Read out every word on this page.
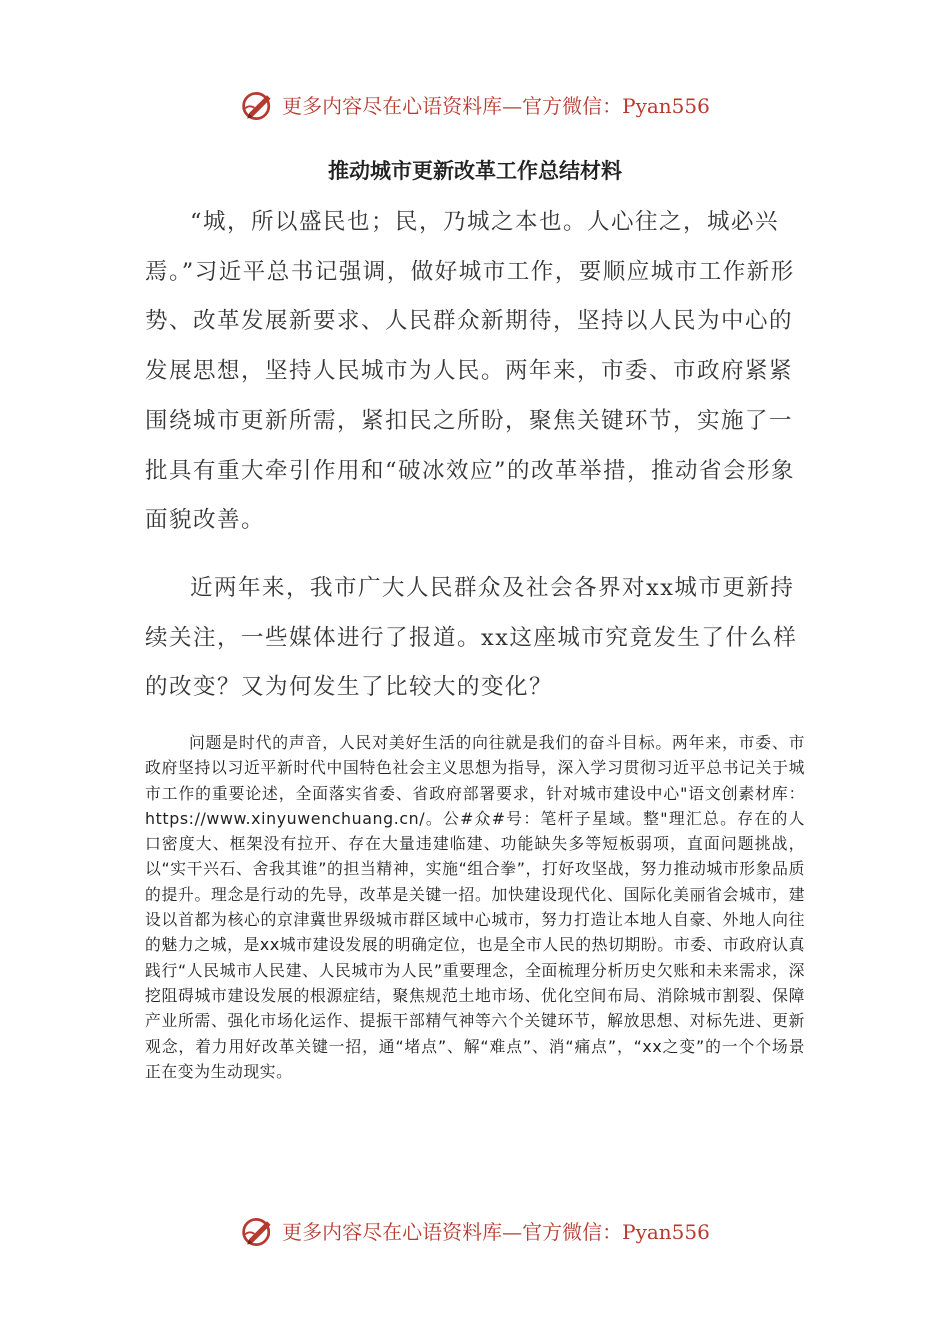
更多内容尽在心语资料库—官方微信：Pyan556
推动城市更新改革工作总结材料
“城，所以盛民也；民，乃城之本也。人心往之，城必兴焉。”习近平总书记强调，做好城市工作，要顺应城市工作新形势、改革发展新要求、人民群众新期待，坚持以人民为中心的发展思想，坚持人民城市为人民。两年来，市委、市政府紧紧围绕城市更新所需，紧扣民之所盼，聚焦关键环节，实施了一批具有重大牵引作用和“破冰效应”的改革举措，推动省会形象面貌改善。
近两年来，我市广大人民群众及社会各界对xx城市更新持续关注，一些媒体进行了报道。xx这座城市究竟发生了什么样的改变？又为何发生了比较大的变化？
问题是时代的声音，人民对美好生活的向往就是我们的奋斗目标。两年来，市委、市政府坚持以习近平新时代中国特色社会主义思想为指导，深入学习贯彻习近平总书记关于城市工作的重要论述，全面落实省委、省政府部署要求，针对城市建设中心"语文创素材库：https://www.xinyuwenchuang.cn/。公#众#号：笔杆子星域。整"理汇总。存在的人口密度大、框架没有拉开、存在大量违建临建、功能缺失多等短板弱项，直面问题挑战，以“实干兴石、舍我其谁”的担当精神，实施“组合拳”，打好攻坚战，努力推动城市形象品质的提升。理念是行动的先导，改革是关键一招。加快建设现代化、国际化美丽省会城市，建设以首都为核心的京津冀世界级城市群区域中心城市，努力打造让本地人自豪、外地人向往的魅力之城，是xx城市建设发展的明确定位，也是全市人民的热切期盼。市委、市政府认真践行“人民城市人民建、人民城市为人民”重要理念，全面梳理分析历史欠账和未来需求，深挖阻碍城市建设发展的根源症结，聚焦规范土地市场、优化空间布局、消除城市割裂、保障产业所需、强化市场化运作、提振干部精气神等六个关键环节，解放思想、对标先进、更新观念，着力用好改革关键一招，通“堵点”、解“难点”、消“痛点”，“xx之变”的一个个场景正在变为生动现实。
更多内容尽在心语资料库—官方微信：Pyan556
